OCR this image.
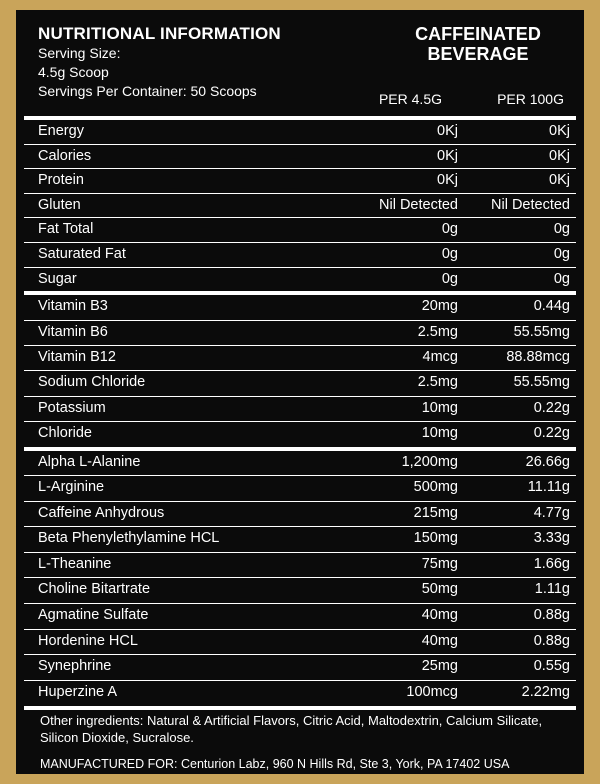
NUTRITIONAL INFORMATION
Serving Size:
4.5g Scoop
Servings Per Container: 50 Scoops
CAFFEINATED
BEVERAGE
PER 4.5G	PER 100G
Energy	0Kj	0Kj
Calories	0Kj	0Kj
Protein	0Kj	0Kj
Gluten	Nil Detected Nil Detected
Fat Total	0g	0g
Saturated Fat	0g	0g
Sugar	0g	0g
Vitamin B3	20mg	0.44g
Vitamin B6	2.5mg	55.55mg
Vitamin B12	4mcg	88.88mcg
Sodium Chloride	2.5mg	55.55mg
Potassium	10mg	0.22g
Chloride	10mg	0.22g
Alpha L-Alanine	1,200mg	26.66g
L-Arginine	500mg	11.11g
Caffeine Anhydrous	215mg	4.77g
Beta Phenylethylamine HCL	150mg	3.33g
L-Theanine	75mg	1.66g
Choline Bitartrate	50mg	1.11g
Agmatine Sulfate	40mg	0.88g
Hordenine HCL	40mg	0.88g
Synephrine	25mg	0.55g
Huperzine A	100mcg	2.22mg
Other ingredients: Natural & Artificial Flavors, Citric Acid, Maltodextrin, Calcium Silicate, Silicon Dioxide, Sucralose.
MANUFACTURED FOR: Centurion Labz, 960 N Hills Rd, Ste 3, York, PA 17402 USA
